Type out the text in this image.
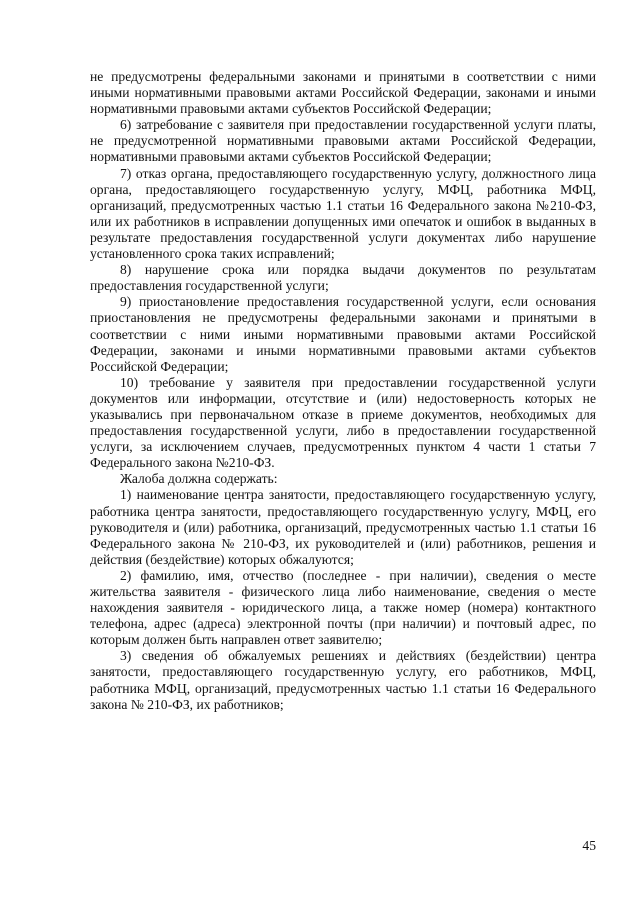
не предусмотрены федеральными законами и принятыми в соответствии с ними иными нормативными правовыми актами Российской Федерации, законами и иными нормативными правовыми актами субъектов Российской Федерации;

6) затребование с заявителя при предоставлении государственной услуги платы, не предусмотренной нормативными правовыми актами Российской Федерации, нормативными правовыми актами субъектов Российской Федерации;

7) отказ органа, предоставляющего государственную услугу, должностного лица органа, предоставляющего государственную услугу, МФЦ, работника МФЦ, организаций, предусмотренных частью 1.1 статьи 16 Федерального закона №210-ФЗ, или их работников в исправлении допущенных ими опечаток и ошибок в выданных в результате предоставления государственной услуги документах либо нарушение установленного срока таких исправлений;

8) нарушение срока или порядка выдачи документов по результатам предоставления государственной услуги;

9) приостановление предоставления государственной услуги, если основания приостановления не предусмотрены федеральными законами и принятыми в соответствии с ними иными нормативными правовыми актами Российской Федерации, законами и иными нормативными правовыми актами субъектов Российской Федерации;

10) требование у заявителя при предоставлении государственной услуги документов или информации, отсутствие и (или) недостоверность которых не указывались при первоначальном отказе в приеме документов, необходимых для предоставления государственной услуги, либо в предоставлении государственной услуги, за исключением случаев, предусмотренных пунктом 4 части 1 статьи 7 Федерального закона №210-ФЗ.

Жалоба должна содержать:

1) наименование центра занятости, предоставляющего государственную услугу, работника центра занятости, предоставляющего государственную услугу, МФЦ, его руководителя и (или) работника, организаций, предусмотренных частью 1.1 статьи 16 Федерального закона № 210-ФЗ, их руководителей и (или) работников, решения и действия (бездействие) которых обжалуются;

2) фамилию, имя, отчество (последнее - при наличии), сведения о месте жительства заявителя - физического лица либо наименование, сведения о месте нахождения заявителя - юридического лица, а также номер (номера) контактного телефона, адрес (адреса) электронной почты (при наличии) и почтовый адрес, по которым должен быть направлен ответ заявителю;

3) сведения об обжалуемых решениях и действиях (бездействии) центра занятости, предоставляющего государственную услугу, его работников, МФЦ, работника МФЦ, организаций, предусмотренных частью 1.1 статьи 16 Федерального закона № 210-ФЗ, их работников;

45
